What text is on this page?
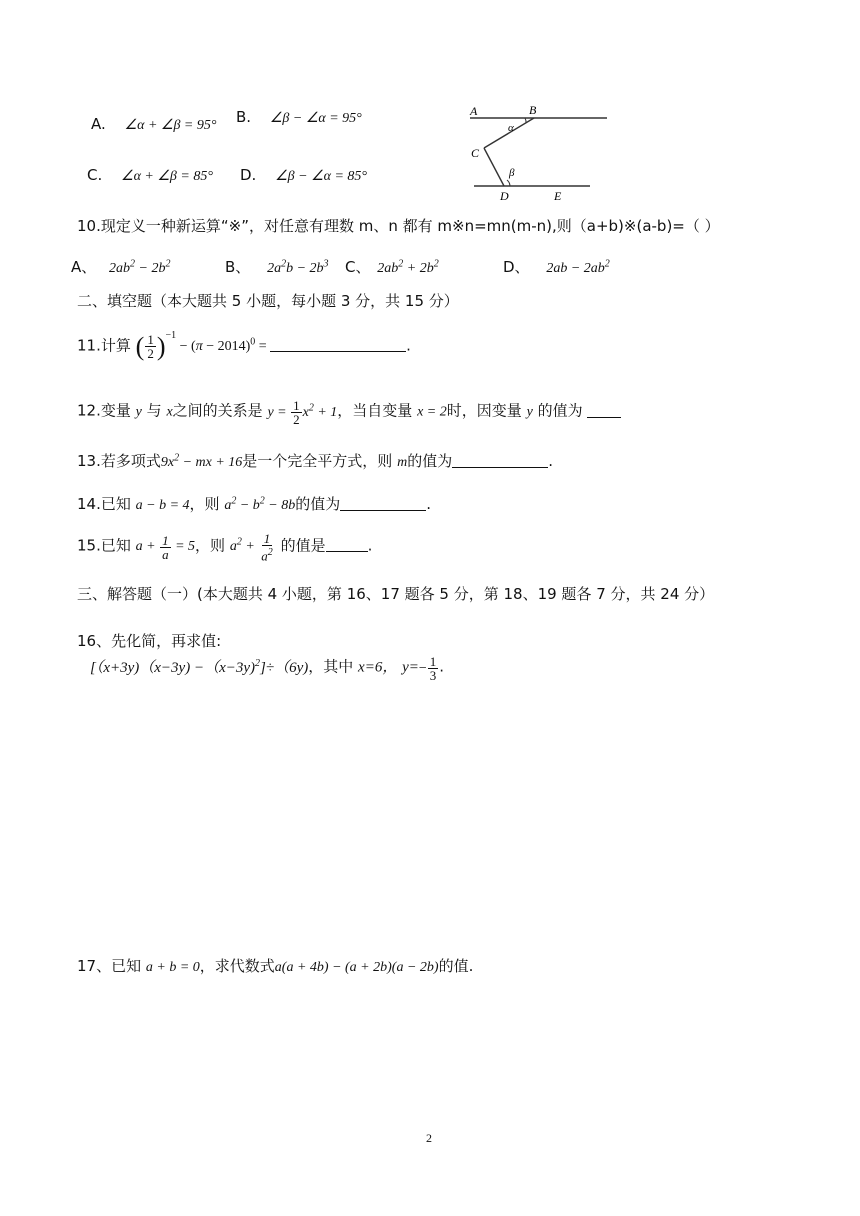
A. ∠α + ∠β = 95° B. ∠β − ∠α = 95°
C. ∠α + ∠β = 85° D. ∠β − ∠α = 85°
A	B
C
D	E
α
β
10.现定义一种新运算“※”，对任意有理数 m、n 都有 m※n=mn(m-n),则（a+b)※(a-b)=（ ）
A、 $2ab^2 - 2b^2$	B、 $2a^2b - 2b^3$ C、 $2ab^2 + 2b^2$	D、 $2ab - 2ab^2$
二、填空题（本大题共 5 小题，每小题 3 分，共 15 分）
11.计算 ( $\frac{1}{2} )^{-1} - (\pi - 2014)^0$ =	.
12.变量 y 与 x之间的关系是 $y = \frac{1}{2} x^2 + 1$，当自变量 x = 2时，因变量 y 的值为
13.若多项式$9x^2$ − mx + 16是一个完全平方式，则 m的值为	.
14.已知 a − b = 4，则 $a^2 - b^2 - 8b$的值为	.
15.已知 $a + \frac{1}{a} = 5$，则 $a^2 + \frac{1}{a^2}$ 的值是	.
三、解答题（一）(本大题共 4 小题，第 16、17 题各 5 分，第 18、19 题各 7 分，共 24 分）
16、先化简，再求值:
[（x+3y)（x−3y) −（x−3y)$^2$]÷（6y)，其中 x=6， $y=- \frac{1}{3}$ .
17、已知 a + b = 0，求代数式a(a + 4b) − (a + 2b)(a − 2b)的值.
2
